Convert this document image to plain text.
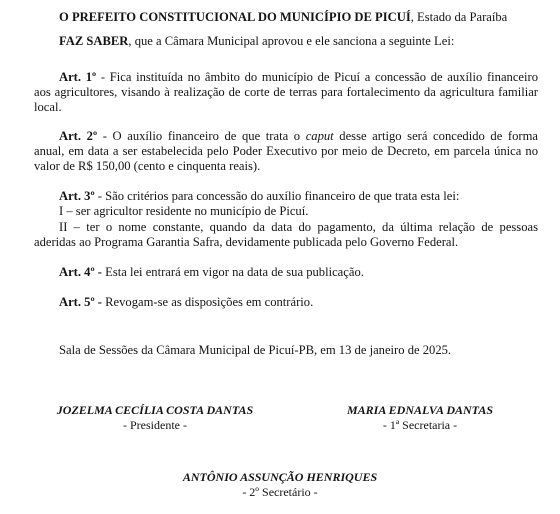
O PREFEITO CONSTITUCIONAL DO MUNICÍPIO DE PICUÍ, Estado da Paraíba
FAZ SABER, que a Câmara Municipal aprovou e ele sanciona a seguinte Lei:
Art. 1º - Fica instituída no âmbito do município de Picuí a concessão de auxílio financeiro
aos agricultores, visando à realização de corte de terras para fortalecimento da agricultura familiar
local.
Art. 2º - O auxílio financeiro de que trata o caput desse artigo será concedido de forma
anual, em data a ser estabelecida pelo Poder Executivo por meio de Decreto, em parcela única no
valor de R$ 150,00 (cento e cinquenta reais).
Art. 3º - São critérios para concessão do auxílio financeiro de que trata esta lei:
I – ser agricultor residente no município de Picuí.
II – ter o nome constante, quando da data do pagamento, da última relação de pessoas
aderidas ao Programa Garantia Safra, devidamente publicada pelo Governo Federal.
Art. 4º - Esta lei entrará em vigor na data de sua publicação.
Art. 5º - Revogam-se as disposições em contrário.
Sala de Sessões da Câmara Municipal de Picuí-PB, em 13 de janeiro de 2025.
JOZELMA CECÍLIA COSTA DANTAS
- Presidente -
MARIA EDNALVA DANTAS
- 1ª Secretaria -
ANTÔNIO ASSUNÇÃO HENRIQUES
- 2º Secretário -
